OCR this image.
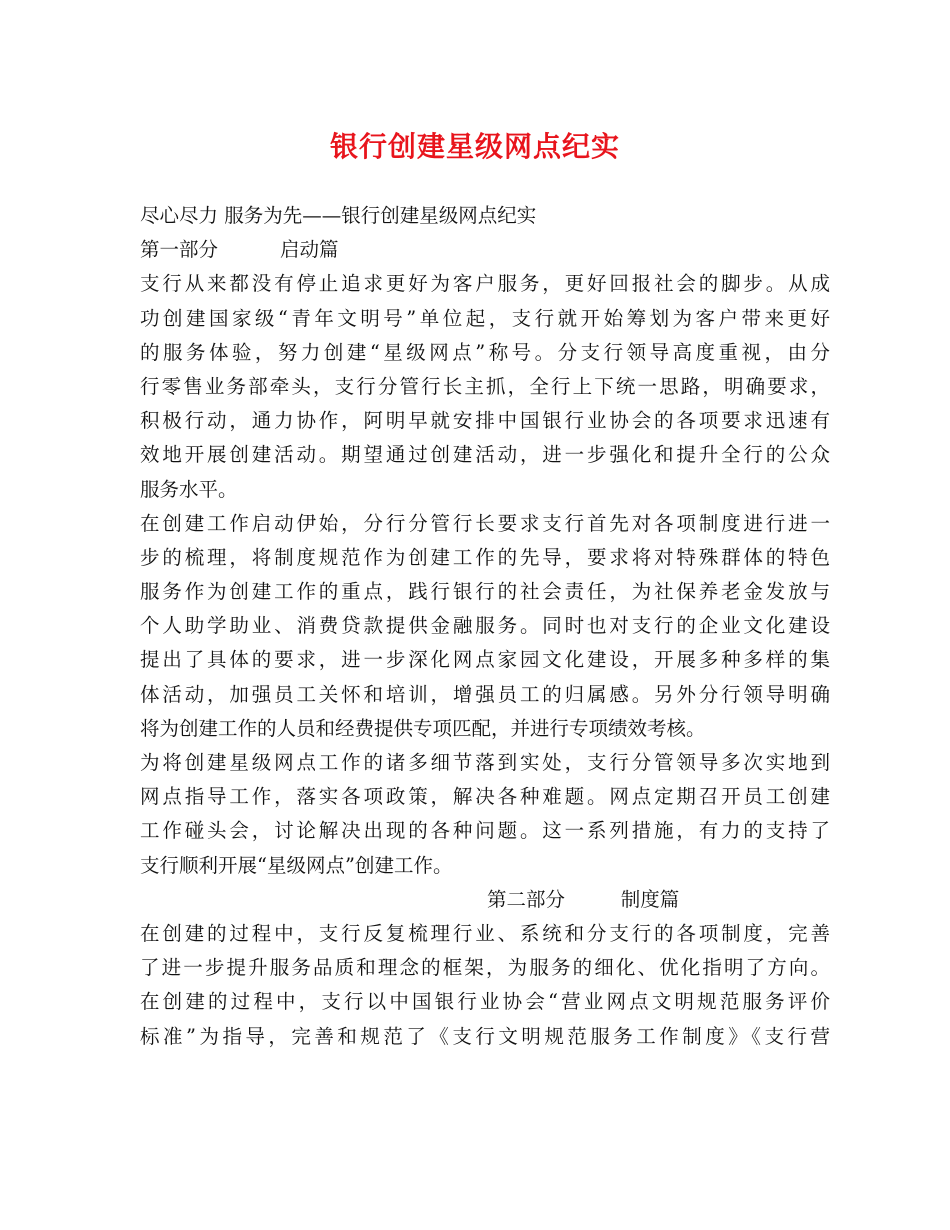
银行创建星级网点纪实
尽心尽力 服务为先——银行创建星级网点纪实
第一部分          启动篇
支行从来都没有停止追求更好为客户服务，更好回报社会的脚步。从成
功创建国家级“青年文明号”单位起，支行就开始筹划为客户带来更好
的服务体验，努力创建“星级网点”称号。分支行领导高度重视，由分
行零售业务部牵头，支行分管行长主抓，全行上下统一思路，明确要求，
积极行动，通力协作，阿明早就安排中国银行业协会的各项要求迅速有
效地开展创建活动。期望通过创建活动，进一步强化和提升全行的公众
服务水平。
在创建工作启动伊始，分行分管行长要求支行首先对各项制度进行进一
步的梳理，将制度规范作为创建工作的先导，要求将对特殊群体的特色
服务作为创建工作的重点，践行银行的社会责任，为社保养老金发放与
个人助学助业、消费贷款提供金融服务。同时也对支行的企业文化建设
提出了具体的要求，进一步深化网点家园文化建设，开展多种多样的集
体活动，加强员工关怀和培训，增强员工的归属感。另外分行领导明确
将为创建工作的人员和经费提供专项匹配，并进行专项绩效考核。
为将创建星级网点工作的诸多细节落到实处，支行分管领导多次实地到
网点指导工作，落实各项政策，解决各种难题。网点定期召开员工创建
工作碰头会，讨论解决出现的各种问题。这一系列措施，有力的支持了
支行顺利开展“星级网点”创建工作。
第二部分         制度篇
在创建的过程中，支行反复梳理行业、系统和分支行的各项制度，完善
了进一步提升服务品质和理念的框架，为服务的细化、优化指明了方向。
在创建的过程中，支行以中国银行业协会“营业网点文明规范服务评价
标准”为指导，完善和规范了《支行文明规范服务工作制度》《支行营
